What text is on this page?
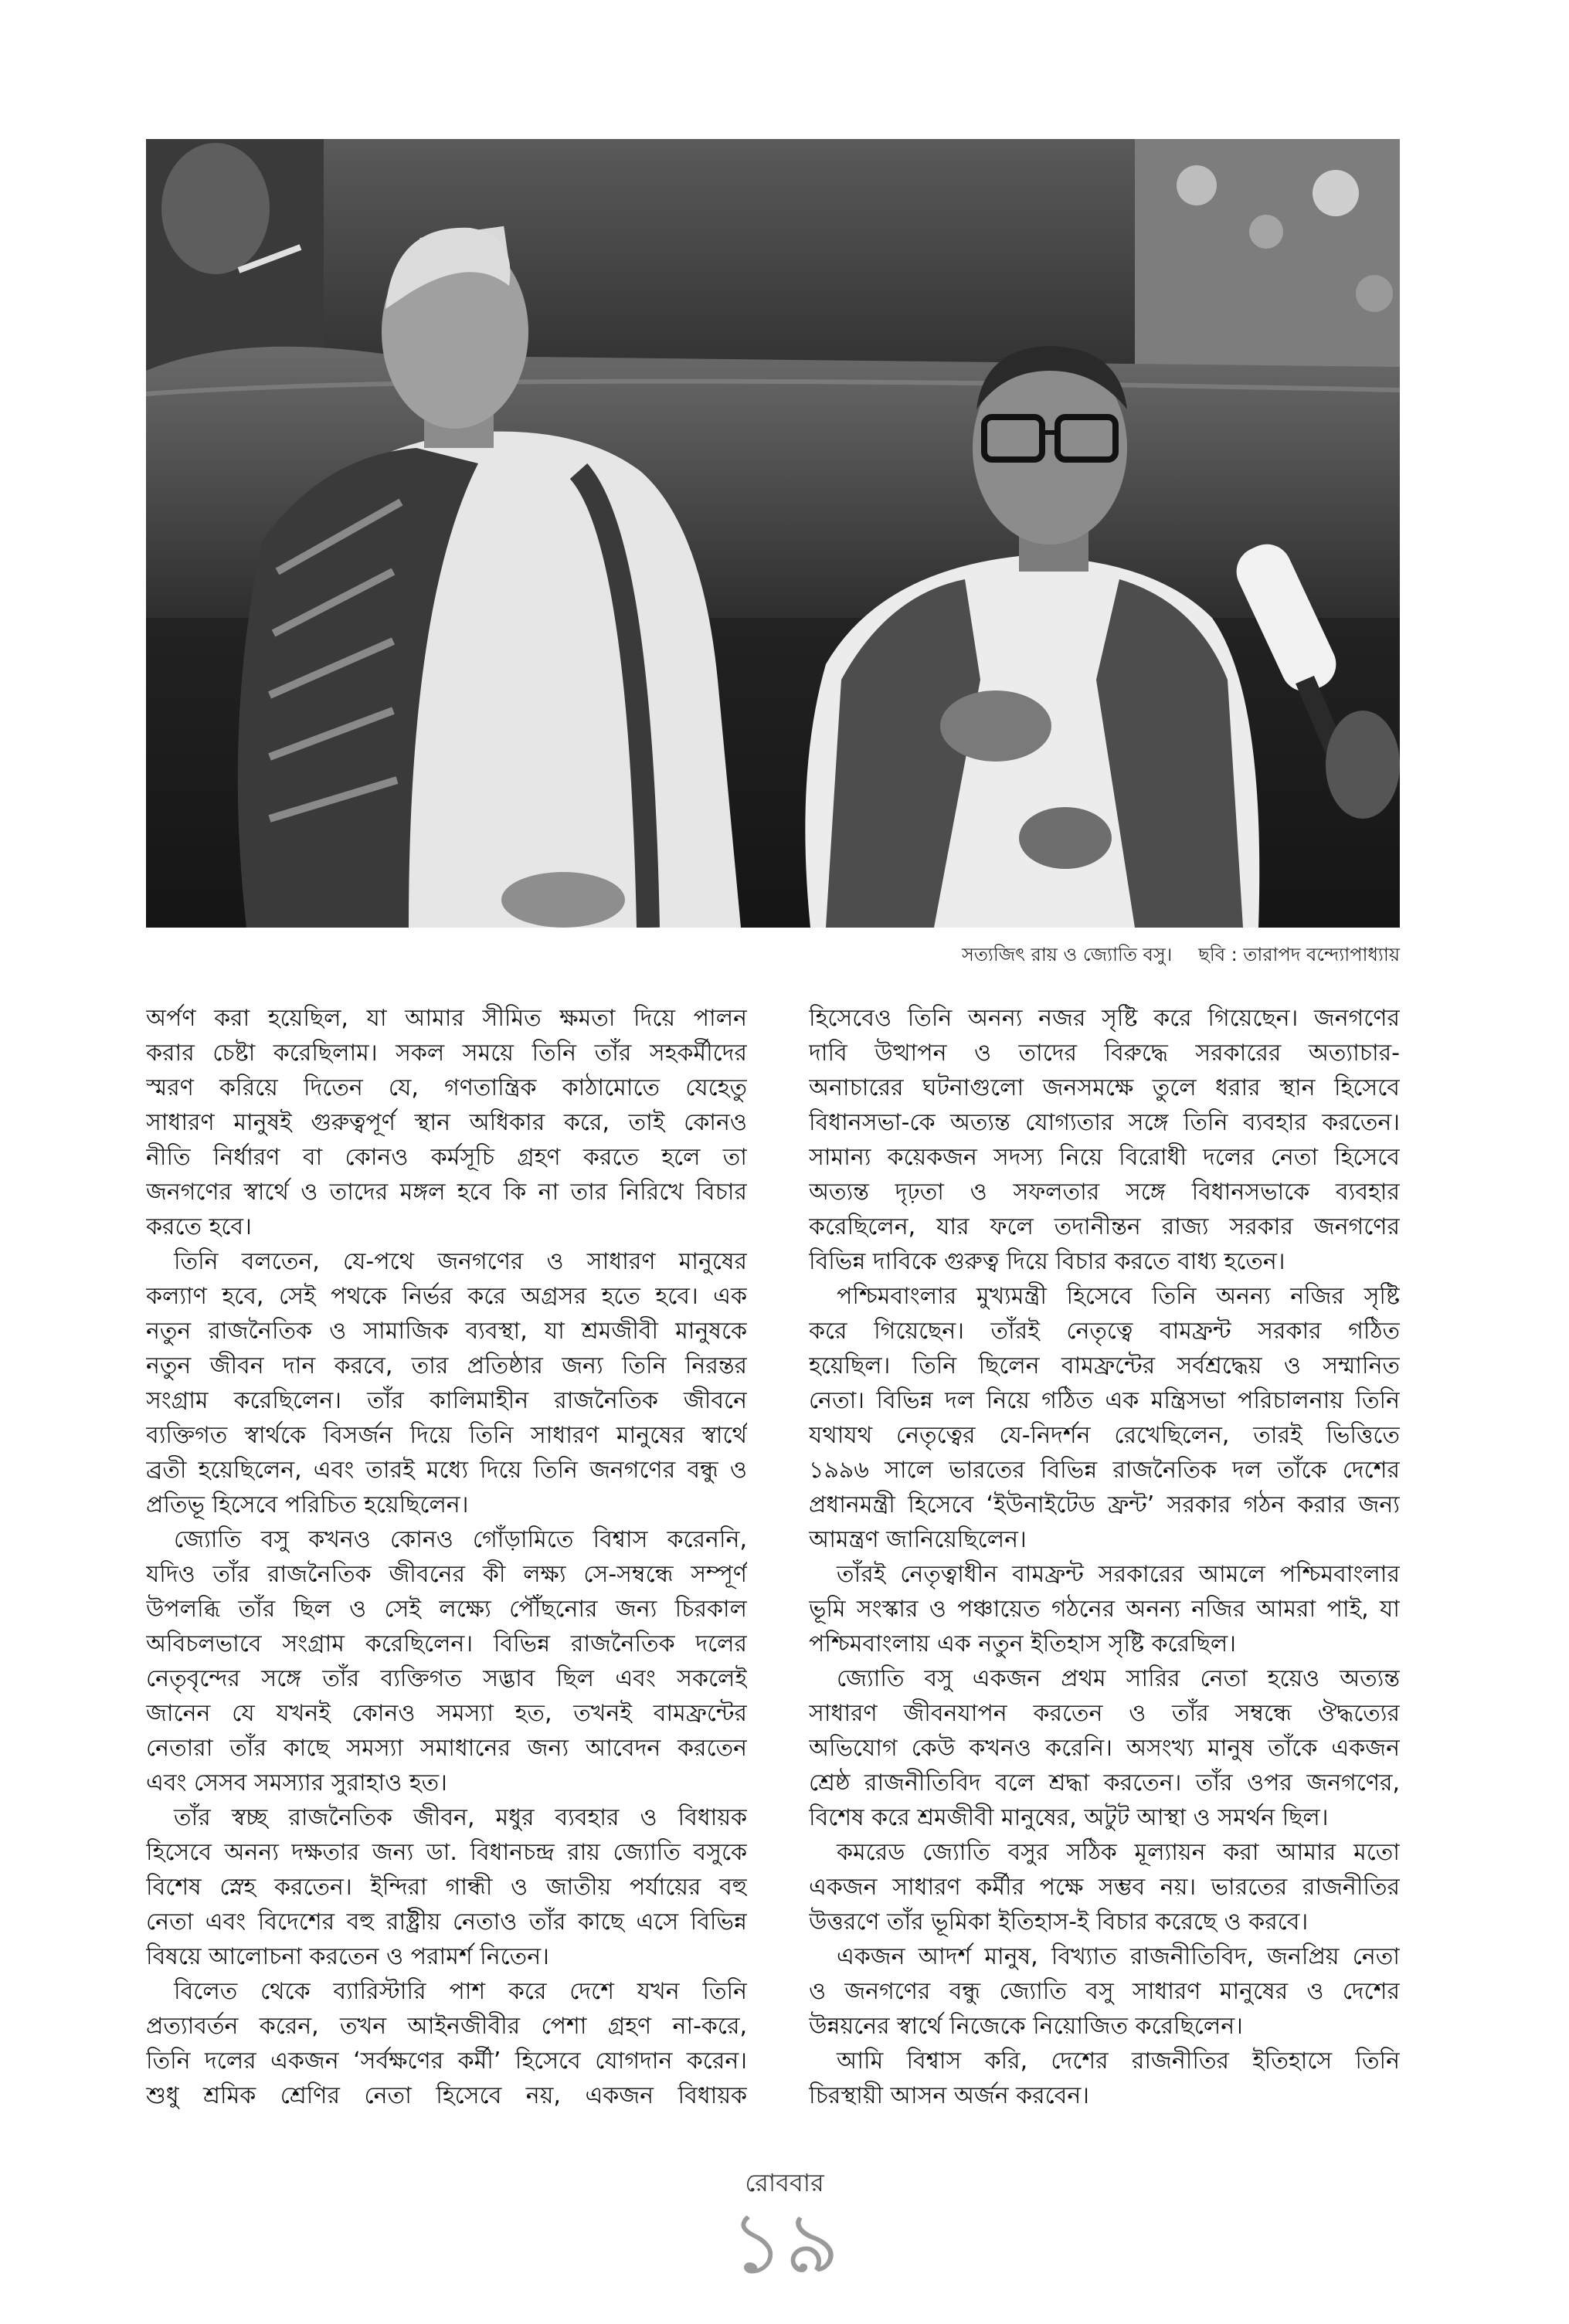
সত্যজিৎ রায় ও জ্যোতি বসু। ছবি : তারাপদ বন্দ্যোপাধ্যায়
অর্পণ করা হয়েছিল, যা আমার সীমিত ক্ষমতা দিয়ে পালন
করার চেষ্টা করেছিলাম। সকল সময়ে তিনি তাঁর সহকর্মীদের
স্মরণ করিয়ে দিতেন যে, গণতান্ত্রিক কাঠামোতে যেহেতু
সাধারণ মানুষই গুরুত্বপূর্ণ স্থান অধিকার করে, তাই কোনও
নীতি নির্ধারণ বা কোনও কর্মসূচি গ্রহণ করতে হলে তা
জনগণের স্বার্থে ও তাদের মঙ্গল হবে কি না তার নিরিখে বিচার
করতে হবে।
তিনি বলতেন, যে-পথে জনগণের ও সাধারণ মানুষের
কল্যাণ হবে, সেই পথকে নির্ভর করে অগ্রসর হতে হবে। এক
নতুন রাজনৈতিক ও সামাজিক ব্যবস্থা, যা শ্রমজীবী মানুষকে
নতুন জীবন দান করবে, তার প্রতিষ্ঠার জন্য তিনি নিরন্তর
সংগ্রাম করেছিলেন। তাঁর কালিমাহীন রাজনৈতিক জীবনে
ব্যক্তিগত স্বার্থকে বিসর্জন দিয়ে তিনি সাধারণ মানুষের স্বার্থে
ব্রতী হয়েছিলেন, এবং তারই মধ্যে দিয়ে তিনি জনগণের বন্ধু ও
প্রতিভূ হিসেবে পরিচিত হয়েছিলেন।
জ্যোতি বসু কখনও কোনও গোঁড়ামিতে বিশ্বাস করেননি,
যদিও তাঁর রাজনৈতিক জীবনের কী লক্ষ্য সে-সম্বন্ধে সম্পূর্ণ
উপলব্ধি তাঁর ছিল ও সেই লক্ষ্যে পৌঁছনোর জন্য চিরকাল
অবিচলভাবে সংগ্রাম করেছিলেন। বিভিন্ন রাজনৈতিক দলের
নেতৃবৃন্দের সঙ্গে তাঁর ব্যক্তিগত সদ্ভাব ছিল এবং সকলেই
জানেন যে যখনই কোনও সমস্যা হত, তখনই বামফ্রন্টের
নেতারা তাঁর কাছে সমস্যা সমাধানের জন্য আবেদন করতেন
এবং সেসব সমস্যার সুরাহাও হত।
তাঁর স্বচ্ছ রাজনৈতিক জীবন, মধুর ব্যবহার ও বিধায়ক
হিসেবে অনন্য দক্ষতার জন্য ডা. বিধানচন্দ্র রায় জ্যোতি বসুকে
বিশেষ স্নেহ করতেন। ইন্দিরা গান্ধী ও জাতীয় পর্যায়ের বহু
নেতা এবং বিদেশের বহু রাষ্ট্রীয় নেতাও তাঁর কাছে এসে বিভিন্ন
বিষয়ে আলোচনা করতেন ও পরামর্শ নিতেন।
বিলেত থেকে ব্যারিস্টারি পাশ করে দেশে যখন তিনি
প্রত্যাবর্তন করেন, তখন আইনজীবীর পেশা গ্রহণ না-করে,
তিনি দলের একজন ‘সর্বক্ষণের কর্মী’ হিসেবে যোগদান করেন।
শুধু শ্রমিক শ্রেণির নেতা হিসেবে নয়, একজন বিধায়ক
হিসেবেও তিনি অনন্য নজর সৃষ্টি করে গিয়েছেন। জনগণের
দাবি উত্থাপন ও তাদের বিরুদ্ধে সরকারের অত্যাচার-
অনাচারের ঘটনাগুলো জনসমক্ষে তুলে ধরার স্থান হিসেবে
বিধানসভা-কে অত্যন্ত যোগ্যতার সঙ্গে তিনি ব্যবহার করতেন।
সামান্য কয়েকজন সদস্য নিয়ে বিরোধী দলের নেতা হিসেবে
অত্যন্ত দৃঢ়তা ও সফলতার সঙ্গে বিধানসভাকে ব্যবহার
করেছিলেন, যার ফলে তদানীন্তন রাজ্য সরকার জনগণের
বিভিন্ন দাবিকে গুরুত্ব দিয়ে বিচার করতে বাধ্য হতেন।
পশ্চিমবাংলার মুখ্যমন্ত্রী হিসেবে তিনি অনন্য নজির সৃষ্টি
করে গিয়েছেন। তাঁরই নেতৃত্বে বামফ্রন্ট সরকার গঠিত
হয়েছিল। তিনি ছিলেন বামফ্রন্টের সর্বশ্রদ্ধেয় ও সম্মানিত
নেতা। বিভিন্ন দল নিয়ে গঠিত এক মন্ত্রিসভা পরিচালনায় তিনি
যথাযথ নেতৃত্বের যে-নিদর্শন রেখেছিলেন, তারই ভিত্তিতে
১৯৯৬ সালে ভারতের বিভিন্ন রাজনৈতিক দল তাঁকে দেশের
প্রধানমন্ত্রী হিসেবে ‘ইউনাইটেড ফ্রন্ট’ সরকার গঠন করার জন্য
আমন্ত্রণ জানিয়েছিলেন।
তাঁরই নেতৃত্বাধীন বামফ্রন্ট সরকারের আমলে পশ্চিমবাংলার
ভূমি সংস্কার ও পঞ্চায়েত গঠনের অনন্য নজির আমরা পাই, যা
পশ্চিমবাংলায় এক নতুন ইতিহাস সৃষ্টি করেছিল।
জ্যোতি বসু একজন প্রথম সারির নেতা হয়েও অত্যন্ত
সাধারণ জীবনযাপন করতেন ও তাঁর সম্বন্ধে ঔদ্ধত্যের
অভিযোগ কেউ কখনও করেনি। অসংখ্য মানুষ তাঁকে একজন
শ্রেষ্ঠ রাজনীতিবিদ বলে শ্রদ্ধা করতেন। তাঁর ওপর জনগণের,
বিশেষ করে শ্রমজীবী মানুষের, অটুট আস্থা ও সমর্থন ছিল।
কমরেড জ্যোতি বসুর সঠিক মূল্যায়ন করা আমার মতো
একজন সাধারণ কর্মীর পক্ষে সম্ভব নয়। ভারতের রাজনীতির
উত্তরণে তাঁর ভূমিকা ইতিহাস-ই বিচার করেছে ও করবে।
একজন আদর্শ মানুষ, বিখ্যাত রাজনীতিবিদ, জনপ্রিয় নেতা
ও জনগণের বন্ধু জ্যোতি বসু সাধারণ মানুষের ও দেশের
উন্নয়নের স্বার্থে নিজেকে নিয়োজিত করেছিলেন।
আমি বিশ্বাস করি, দেশের রাজনীতির ইতিহাসে তিনি
চিরস্থায়ী আসন অর্জন করবেন।
রোববার
১৯
